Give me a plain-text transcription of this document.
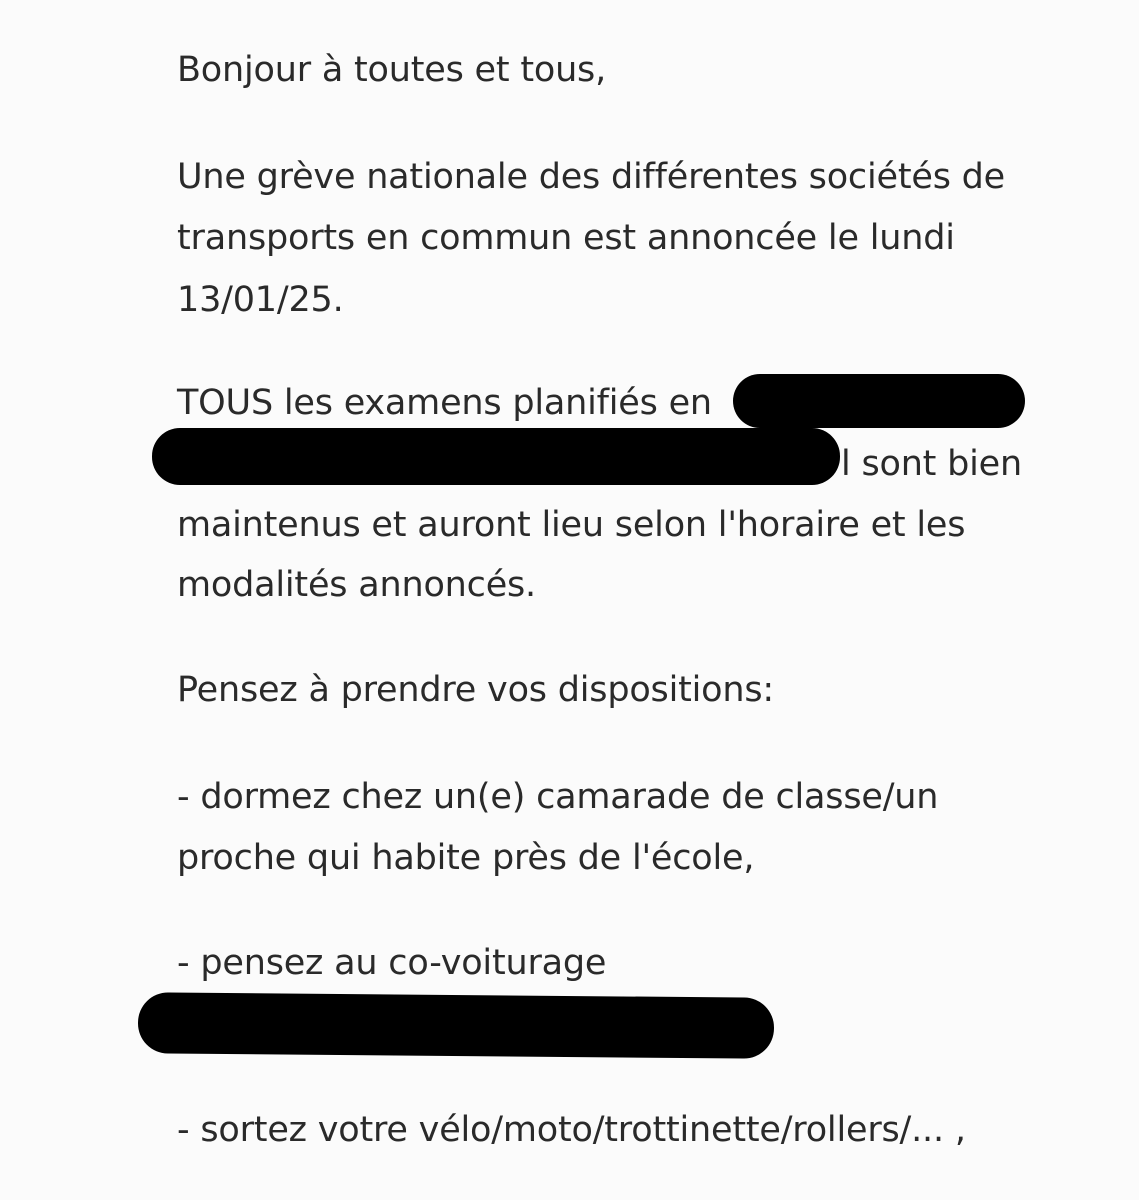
Bonjour à toutes et tous,
Une grève nationale des différentes sociétés de
transports en commun est annoncée le lundi
13/01/25.
TOUS les examens planifiés en
l sont bien
maintenus et auront lieu selon l'horaire et les
modalités annoncés.
Pensez à prendre vos dispositions:
- dormez chez un(e) camarade de classe/un
proche qui habite près de l'école,
- pensez au co-voiturage
- sortez votre vélo/moto/trottinette/rollers/... ,
